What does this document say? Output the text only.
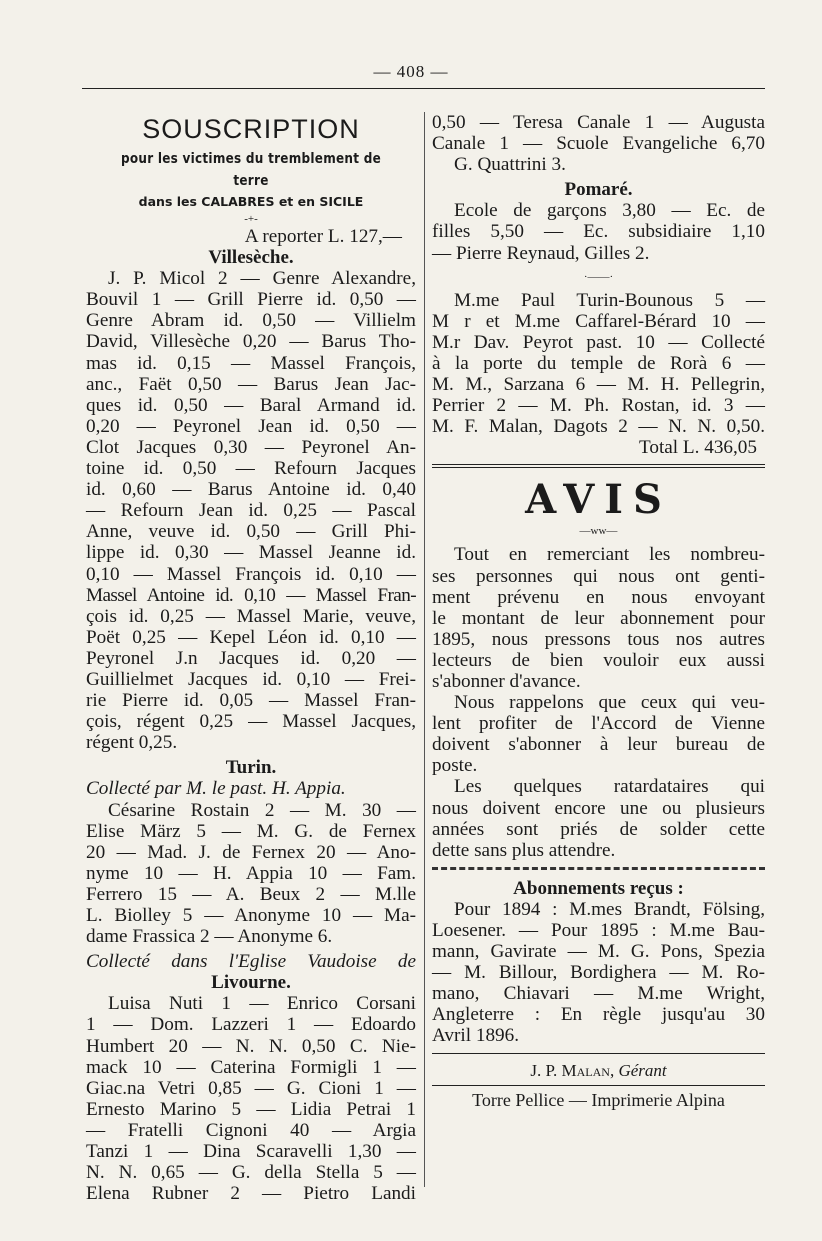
— 408 —
SOUSCRIPTION
pour les victimes du tremblement de terre
dans les CALABRES et en SICILE
-+-
A reporter L. 127,—
Villesèche.
J. P. Micol 2 — Genre Alexandre,
Bouvil 1 — Grill Pierre id. 0,50 —
Genre Abram id. 0,50 — Villielm
David, Villesèche 0,20 — Barus Tho-
mas id. 0,15 — Massel François,
anc., Faët 0,50 — Barus Jean Jac-
ques id. 0,50 — Baral Armand id.
0,20 — Peyronel Jean id. 0,50 —
Clot Jacques 0,30 — Peyronel An-
toine id. 0,50 — Refourn Jacques
id. 0,60 — Barus Antoine id. 0,40
— Refourn Jean id. 0,25 — Pascal
Anne, veuve id. 0,50 — Grill Phi-
lippe id. 0,30 — Massel Jeanne id.
0,10 — Massel François id. 0,10 —
Massel Antoine id. 0,10 — Massel Fran-
çois id. 0,25 — Massel Marie, veuve,
Poët 0,25 — Kepel Léon id. 0,10 —
Peyronel J.n Jacques id. 0,20 —
Guillielmet Jacques id. 0,10 — Frei-
rie Pierre id. 0,05 — Massel Fran-
çois, régent 0,25 — Massel Jacques,
régent 0,25.
Turin.
Collecté par M. le past. H. Appia.
Césarine Rostain 2 — M. 30 —
Elise März 5 — M. G. de Fernex
20 — Mad. J. de Fernex 20 — Ano-
nyme 10 — H. Appia 10 — Fam.
Ferrero 15 — A. Beux 2 — M.lle
L. Biolley 5 — Anonyme 10 — Ma-
dame Frassica 2 — Anonyme 6.
Collecté dans l'Eglise Vaudoise de
Livourne.
Luisa Nuti 1 — Enrico Corsani
1 — Dom. Lazzeri 1 — Edoardo
Humbert 20 — N. N. 0,50 C. Nie-
mack 10 — Caterina Formigli 1 —
Giac.na Vetri 0,85 — G. Cioni 1 —
Ernesto Marino 5 — Lidia Petrai 1
— Fratelli Cignoni 40 — Argia
Tanzi 1 — Dina Scaravelli 1,30 —
N. N. 0,65 — G. della Stella 5 —
Elena Rubner 2 — Pietro Landi
0,50 — Teresa Canale 1 — Augusta
Canale 1 — Scuole Evangeliche 6,70
G. Quattrini 3.
Pomaré.
Ecole de garçons 3,80 — Ec. de
filles 5,50 — Ec. subsidiaire 1,10
— Pierre Reynaud, Gilles 2.
·——·
M.me Paul Turin-Bounous 5 —
M r et M.me Caffarel-Bérard 10 —
M.r Dav. Peyrot past. 10 — Collecté
à la porte du temple de Rorà 6 —
M. M., Sarzana 6 — M. H. Pellegrin,
Perrier 2 — M. Ph. Rostan, id. 3 —
M. F. Malan, Dagots 2 — N. N. 0,50.
Total L. 436,05
AVIS
—ww—
Tout en remerciant les nombreu-
ses personnes qui nous ont genti-
ment prévenu en nous envoyant
le montant de leur abonnement pour
1895, nous pressons tous nos autres
lecteurs de bien vouloir eux aussi
s'abonner d'avance.
Nous rappelons que ceux qui veu-
lent profiter de l'Accord de Vienne
doivent s'abonner à leur bureau de
poste.
Les quelques ratardataires qui
nous doivent encore une ou plusieurs
années sont priés de solder cette
dette sans plus attendre.
Abonnements reçus :
Pour 1894 : M.mes Brandt, Fölsing,
Loesener. — Pour 1895 : M.me Bau-
mann, Gavirate — M. G. Pons, Spezia
— M. Billour, Bordighera — M. Ro-
mano, Chiavari — M.me Wright,
Angleterre : En règle jusqu'au 30
Avril 1896.
J. P. Malan, Gérant
Torre Pellice — Imprimerie Alpina
